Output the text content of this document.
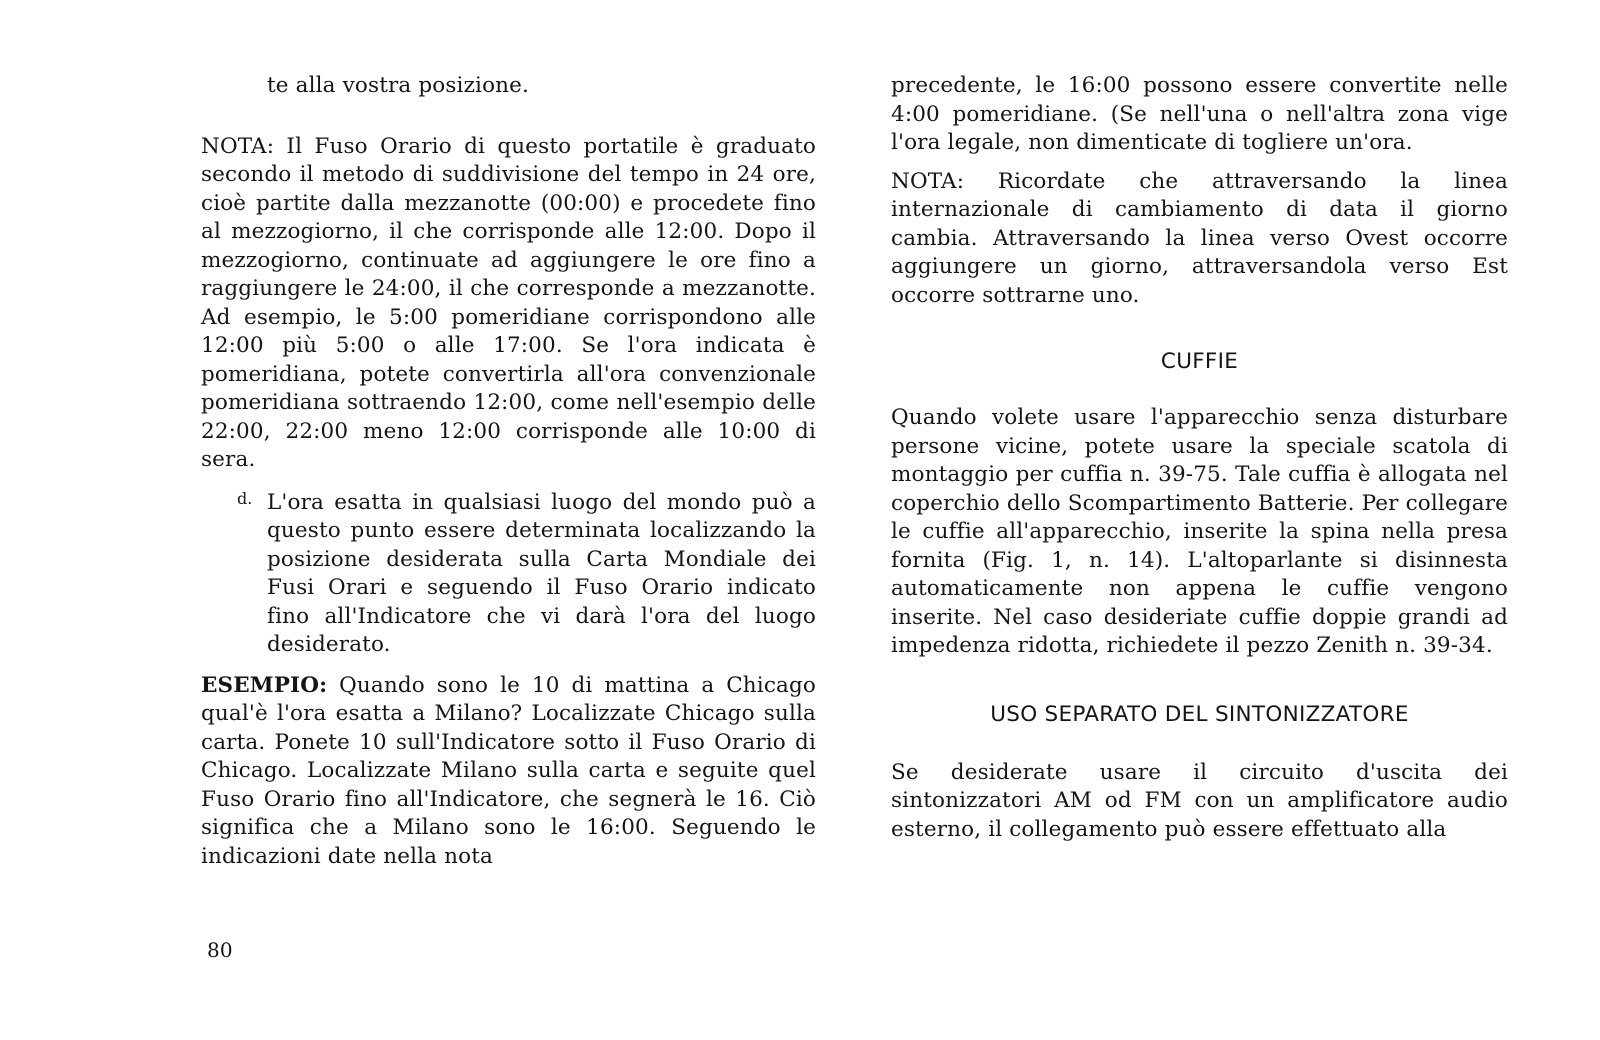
te alla vostra posizione.

NOTA: Il Fuso Orario di questo portatile è graduato secondo il metodo di suddivisione del tempo in 24 ore, cioè partite dalla mezzanotte (00:00) e procedete fino al mezzogiorno, il che corrisponde alle 12:00. Dopo il mezzogiorno, continuate ad aggiungere le ore fino a raggiungere le 24:00, il che corresponde a mezzanotte. Ad esempio, le 5:00 pomeridiane corrispondono alle 12:00 più 5:00 o alle 17:00. Se l'ora indicata è pomeridiana, potete convertirla all'ora convenzionale pomeridiana sottraendo 12:00, come nell'esempio delle 22:00, 22:00 meno 12:00 corrisponde alle 10:00 di sera.

d. L'ora esatta in qualsiasi luogo del mondo può a questo punto essere determinata localizzando la posizione desiderata sulla Carta Mondiale dei Fusi Orari e seguendo il Fuso Orario indicato fino all'Indicatore che vi darà l'ora del luogo desiderato.

ESEMPIO: Quando sono le 10 di mattina a Chicago qual'è l'ora esatta a Milano? Localizzate Chicago sulla carta. Ponete 10 sull'Indicatore sotto il Fuso Orario di Chicago. Localizzate Milano sulla carta e seguite quel Fuso Orario fino all'Indicatore, che segnerà le 16. Ciò significa che a Milano sono le 16:00. Seguendo le indicazioni date nella nota

precedente, le 16:00 possono essere convertite nelle 4:00 pomeridiane. (Se nell'una o nell'altra zona vige l'ora legale, non dimenticate di togliere un'ora.

NOTA: Ricordate che attraversando la linea internazionale di cambiamento di data il giorno cambia. Attraversando la linea verso Ovest occorre aggiungere un giorno, attraversandola verso Est occorre sottrarne uno.

CUFFIE

Quando volete usare l'apparecchio senza disturbare persone vicine, potete usare la speciale scatola di montaggio per cuffia n. 39-75. Tale cuffia è allogata nel coperchio dello Scompartimento Batterie. Per collegare le cuffie all'apparecchio, inserite la spina nella presa fornita (Fig. 1, n. 14). L'altoparlante si disinnesta automaticamente non appena le cuffie vengono inserite. Nel caso desideriate cuffie doppie grandi ad impedenza ridotta, richiedete il pezzo Zenith n. 39-34.

USO SEPARATO DEL SINTONIZZATORE

Se desiderate usare il circuito d'uscita dei sintonizzatori AM od FM con un amplificatore audio esterno, il collegamento può essere effettuato alla

80
